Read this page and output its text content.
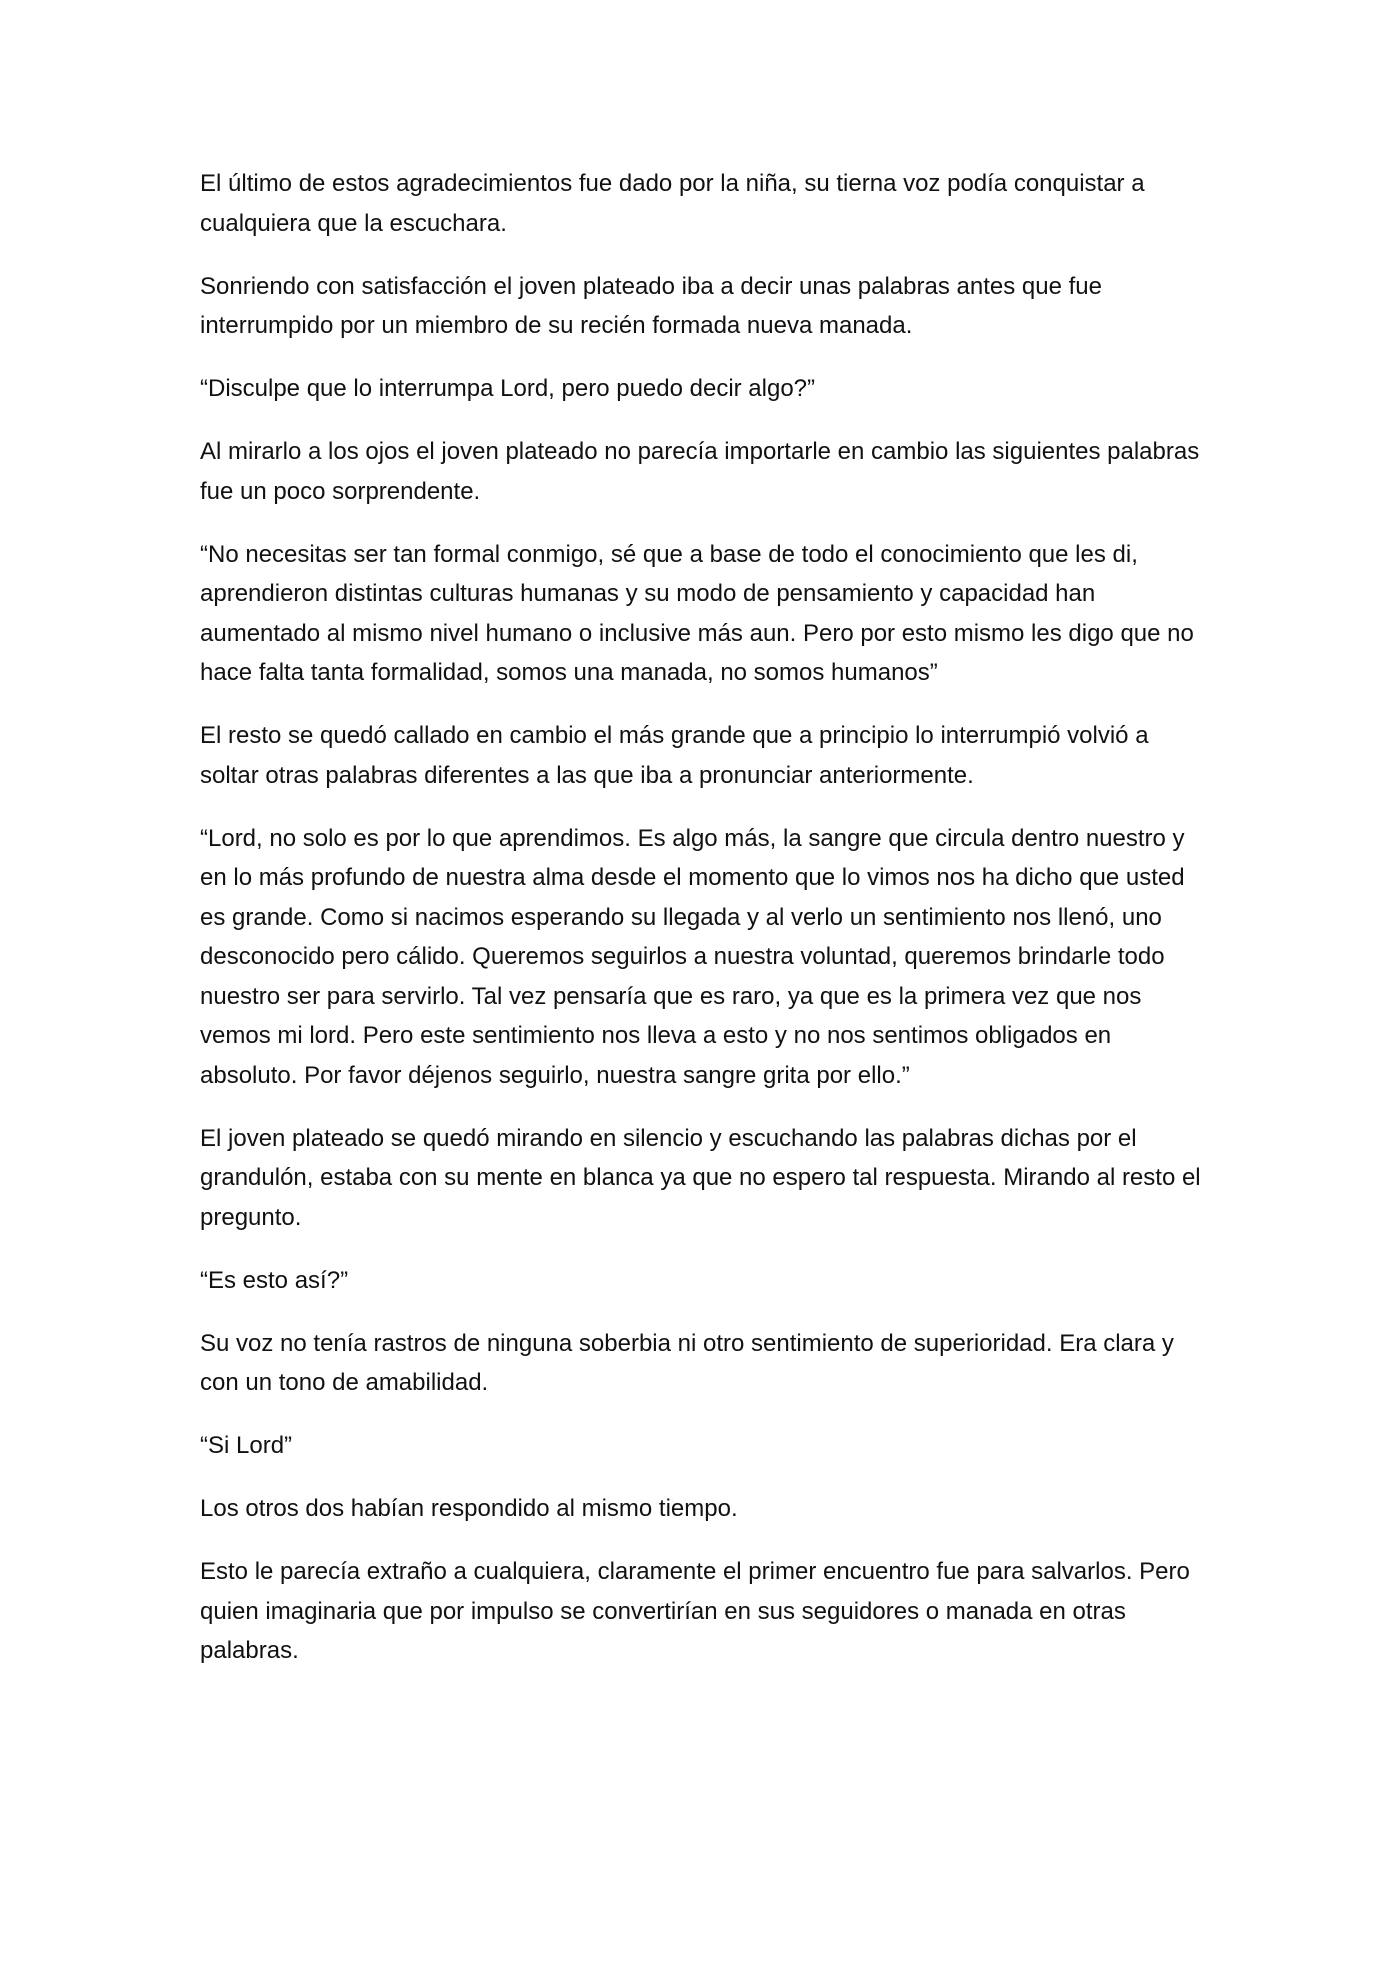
El último de estos agradecimientos fue dado por la niña, su tierna voz podía conquistar a cualquiera que la escuchara.

Sonriendo con satisfacción el joven plateado iba a decir unas palabras antes que fue interrumpido por un miembro de su recién formada nueva manada.

“Disculpe que lo interrumpa Lord, pero puedo decir algo?”

Al mirarlo a los ojos el joven plateado no parecía importarle en cambio las siguientes palabras fue un poco sorprendente.

“No necesitas ser tan formal conmigo, sé que a base de todo el conocimiento que les di, aprendieron distintas culturas humanas y su modo de pensamiento y capacidad han aumentado al mismo nivel humano o inclusive más aun. Pero por esto mismo les digo que no hace falta tanta formalidad, somos una manada, no somos humanos”

El resto se quedó callado en cambio el más grande que a principio lo interrumpió volvió a soltar otras palabras diferentes a las que iba a pronunciar anteriormente.

“Lord, no solo es por lo que aprendimos. Es algo más, la sangre que circula dentro nuestro y en lo más profundo de nuestra alma desde el momento que lo vimos nos ha dicho que usted es grande. Como si nacimos esperando su llegada y al verlo un sentimiento nos llenó, uno desconocido pero cálido. Queremos seguirlos a nuestra voluntad, queremos brindarle todo nuestro ser para servirlo. Tal vez pensaría que es raro, ya que es la primera vez que nos vemos mi lord. Pero este sentimiento nos lleva a esto y no nos sentimos obligados en absoluto. Por favor déjenos seguirlo, nuestra sangre grita por ello.”

El joven plateado se quedó mirando en silencio y escuchando las palabras dichas por el grandulón, estaba con su mente en blanca ya que no espero tal respuesta. Mirando al resto el pregunto.

“Es esto así?”

Su voz no tenía rastros de ninguna soberbia ni otro sentimiento de superioridad. Era clara y con un tono de amabilidad.

“Si Lord”

Los otros dos habían respondido al mismo tiempo.

Esto le parecía extraño a cualquiera, claramente el primer encuentro fue para salvarlos. Pero quien imaginaria que por impulso se convertirían en sus seguidores o manada en otras palabras.
